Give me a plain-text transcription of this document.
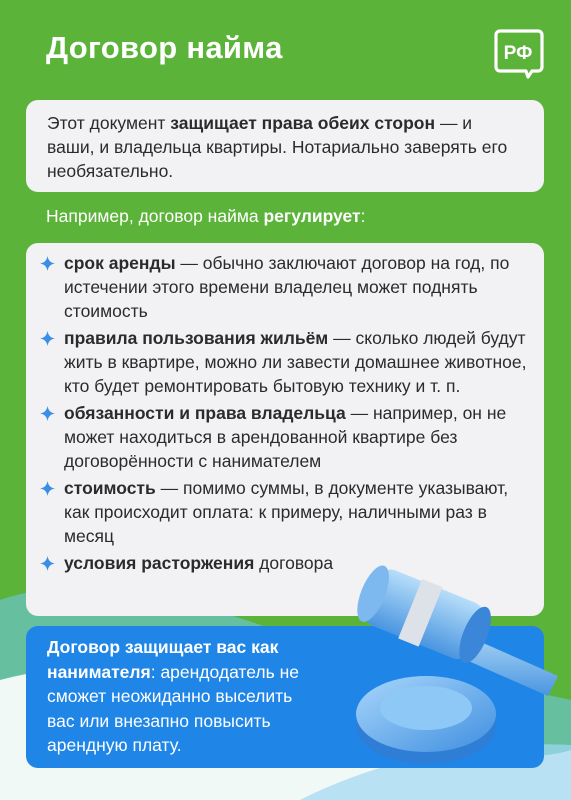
Договор найма	РФ
Этот документ защищает права обеих сторон — и ваши, и владельца квартиры. Нотариально заверять его необязательно.
Например, договор найма регулирует:
срок аренды — обычно заключают договор на год, по истечении этого времени владелец может поднять стоимость
правила пользования жильём — сколько людей будут жить в квартире, можно ли завести домашнее животное, кто будет ремонтировать бытовую технику и т. п.
обязанности и права владельца — например, он не может находиться в арендованной квартире без договорённости с нанимателем
стоимость — помимо суммы, в документе указывают, как происходит оплата: к примеру, наличными раз в месяц
условия расторжения договора
Договор защищает вас как нанимателя: арендодатель не сможет неожиданно выселить вас или внезапно повысить арендную плату.
